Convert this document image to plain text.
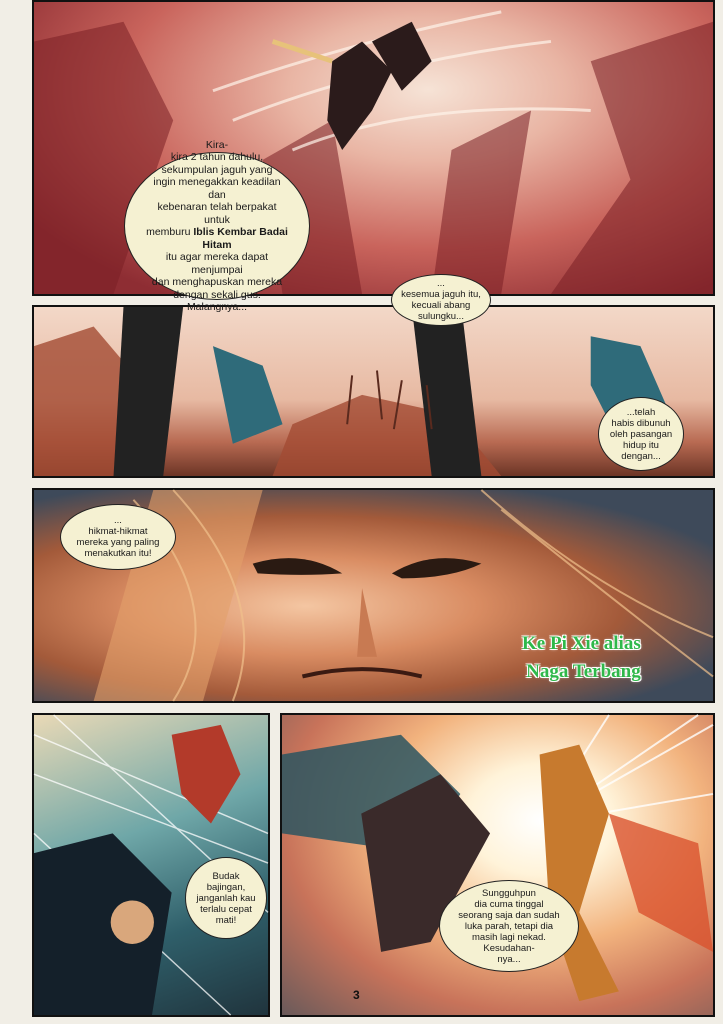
Kira-
kira 2 tahun dahulu,
sekumpulan jaguh yang
ingin menegakkan keadilan dan
kebenaran telah berpakat untuk
memburu Iblis Kembar Badai Hitam
itu agar mereka dapat menjumpai
dan menghapuskan mereka
dengan sekali gus.
Malangnya...
...
kesemua jaguh itu,
kecuali abang
sulungku...
...telah
habis dibunuh
oleh pasangan
hidup itu
dengan...
...
hikmat-hikmat
mereka yang paling
menakutkan itu!
Ke Pi Xie alias
Naga Terbang
Budak
bajingan,
janganlah kau
terlalu cepat
mati!
Sungguhpun
dia cuma tinggal
seorang saja dan sudah
luka parah, tetapi dia
masih lagi nekad.
Kesudahan-
nya...
3
